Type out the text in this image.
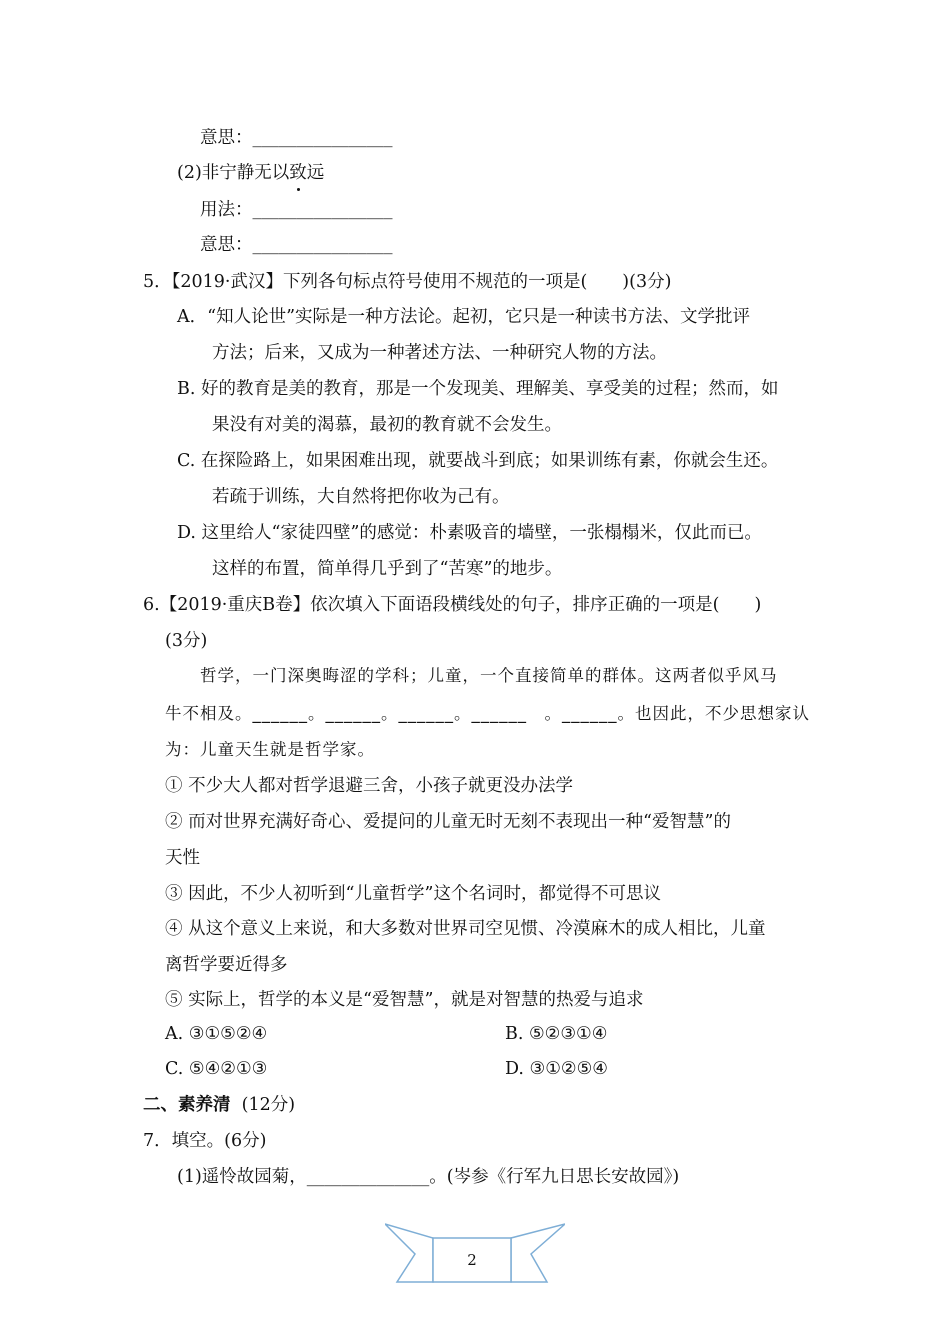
意思：________________
(2)非宁静无以致远
用法：________________
意思：________________
5．【2019·武汉】下列各句标点符号使用不规范的一项是(　　)(3分)
A．“知人论世”实际是一种方法论。起初，它只是一种读书方法、文学批评
方法；后来，又成为一种著述方法、一种研究人物的方法。
B. 好的教育是美的教育，那是一个发现美、理解美、享受美的过程；然而，如
果没有对美的渴慕，最初的教育就不会发生。
C. 在探险路上，如果困难出现，就要战斗到底；如果训练有素，你就会生还。
若疏于训练，大自然将把你收为己有。
D. 这里给人“家徒四壁”的感觉：朴素吸音的墙壁，一张榻榻米，仅此而已。
这样的布置，简单得几乎到了“苦寒”的地步。
6.【2019·重庆B卷】依次填入下面语段横线处的句子，排序正确的一项是(　　)
(3分)
哲学，一门深奥晦涩的学科；儿童，一个直接简单的群体。这两者似乎风马
牛不相及。______。______。______。______　。______。也因此，不少思想家认
为：儿童天生就是哲学家。
① 不少大人都对哲学退避三舍，小孩子就更没办法学
② 而对世界充满好奇心、爱提问的儿童无时无刻不表现出一种“爱智慧”的
天性
③ 因此，不少人初听到“儿童哲学”这个名词时，都觉得不可思议
④ 从这个意义上来说，和大多数对世界司空见惯、冷漠麻木的成人相比，儿童
离哲学要近得多
⑤ 实际上，哲学的本义是“爱智慧”，就是对智慧的热爱与追求
A. ③①⑤②④	B. ⑤②③①④
C. ⑤④②①③	D. ③①②⑤④
二、素养清 (12分)
7．填空。(6分)
(1)遥怜故园菊，______________。(岑参《行军九日思长安故园》)
2
